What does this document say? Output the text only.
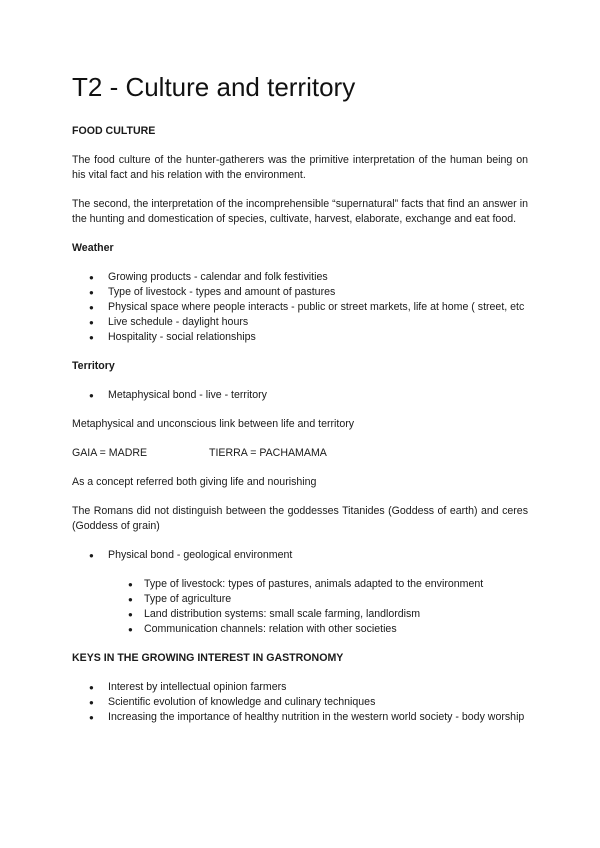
T2 - Culture and territory

FOOD CULTURE

The food culture of the hunter-gatherers was the primitive interpretation of the human being on his vital fact and his relation with the environment.

The second, the interpretation of the incomprehensible “supernatural” facts that find an answer in the hunting and domestication of species, cultivate, harvest, elaborate, exchange and eat food.

Weather

● Growing products - calendar and folk festivities
● Type of livestock - types and amount of pastures
● Physical space where people interacts - public or street markets, life at home ( street, etc
● Live schedule - daylight hours
● Hospitality - social relationships

Territory

● Metaphysical bond - live - territory

Metaphysical and unconscious link between life and territory

GAIA = MADRE	TIERRA = PACHAMAMA

As a concept referred both giving life and nourishing

The Romans did not distinguish between the goddesses Titanides (Goddess of earth) and ceres (Goddess of grain)

● Physical bond - geological environment
● Type of livestock: types of pastures, animals adapted to the environment
● Type of agriculture
● Land distribution systems: small scale farming, landlordism
● Communication channels: relation with other societies

KEYS IN THE GROWING INTEREST IN GASTRONOMY

● Interest by intellectual opinion farmers
● Scientific evolution of knowledge and culinary techniques
● Increasing the importance of healthy nutrition in the western world society - body worship
